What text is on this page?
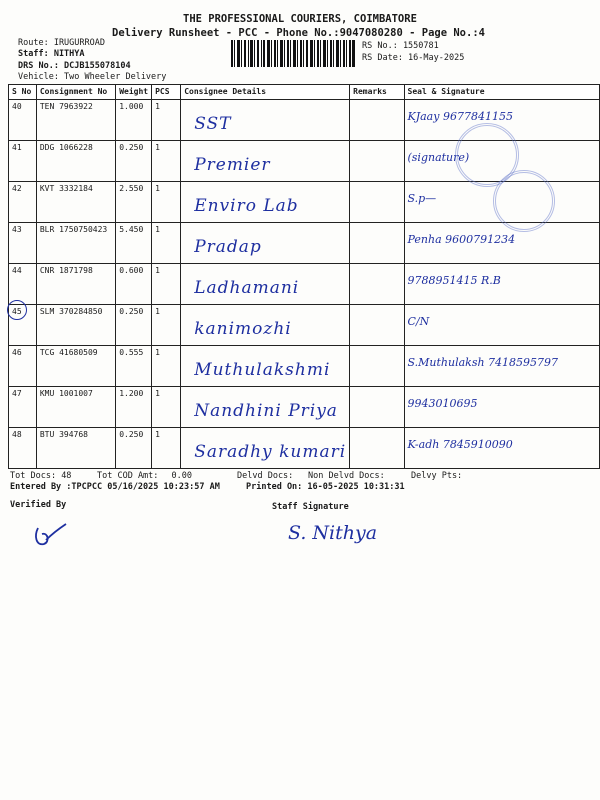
THE PROFESSIONAL COURIERS, COIMBATORE
Delivery Runsheet - PCC - Phone No.:9047080280 - Page No.:4
Route: IRUGURROAD
Staff: NITHYA
DRS No.: DCJB155078104
Vehicle: Two Wheeler Delivery
RS No.: 1550781
RS Date: 16-May-2025
S No	Consignment No	Weight	PCS	Consignee Details	Remarks	Seal & Signature
40	TEN 7963922	1.000	1	SST		KJaay 9677841155

41	DDG 1066228	0.250	1	Premier		(signature)

42	KVT 3332184	2.550	1	Enviro Lab		S.p—

43	BLR 1750750423	5.450	1	Pradap		Penha 9600791234

44	CNR 1871798	0.600	1	Ladhamani		9788951415 R.B

45	SLM 370284850	0.250	1	kanimozhi		C/N

46	TCG 41680509	0.555	1	Muthulakshmi		S.Muthulaksh 7418595797

47	KMU 1001007	1.200	1	Nandhini Priya		9943010695

48	BTU 394768	0.250	1	Saradhy kumari		K-adh 7845910090
Tot Docs: 48	Tot COD Amt: 0.00	Delvd Docs: Non Delvd Docs:	Delvy Pts:
Entered By :TPCPCC 05/16/2025 10:23:57 AM	Printed On: 16-05-2025 10:31:31
Verified By	Staff Signature
S. Nithya
